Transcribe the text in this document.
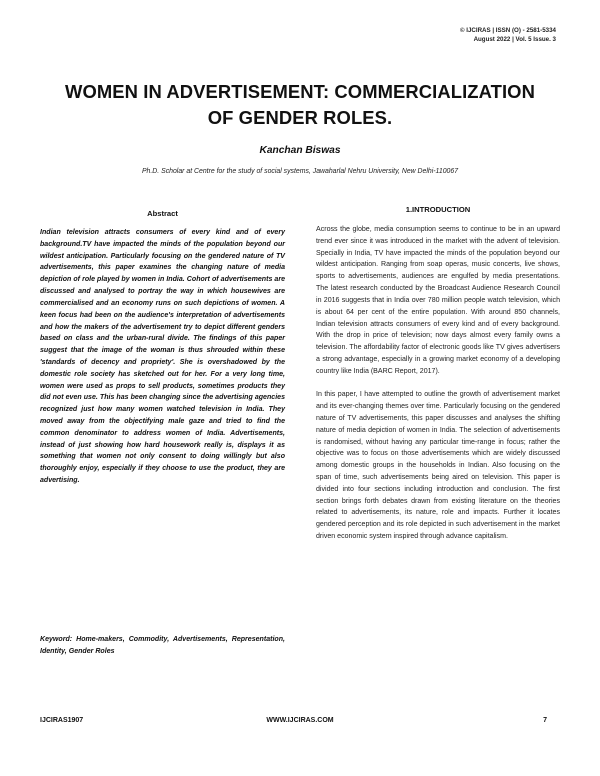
© IJCIRAS | ISSN (O) - 2581-5334
August 2022 | Vol. 5 Issue. 3
WOMEN IN ADVERTISEMENT: COMMERCIALIZATION
OF GENDER ROLES.
Kanchan Biswas
Ph.D. Scholar at Centre for the study of social systems, Jawaharlal Nehru University, New Delhi-110067
Abstract
Indian television attracts consumers of every kind and of every background.TV have impacted the minds of the population beyond our wildest anticipation. Particularly focusing on the gendered nature of TV advertisements, this paper examines the changing nature of media depiction of role played by women in India. Cohort of advertisements are discussed and analysed to portray the way in which housewives are commercialised and an economy runs on such depictions of women. A keen focus had been on the audience's interpretation of advertisements and how the makers of the advertisement try to depict different genders based on class and the urban-rural divide. The findings of this paper suggest that the image of the woman is thus shrouded within these 'standards of decency and propriety'. She is overshadowed by the domestic role society has sketched out for her. For a very long time, women were used as props to sell products, sometimes products they did not even use. This has been changing since the advertising agencies recognized just how many women watched television in India. They moved away from the objectifying male gaze and tried to find the common denominator to address women of India. Advertisements, instead of just showing how hard housework really is, displays it as something that women not only consent to doing willingly but also thoroughly enjoy, especially if they choose to use the product, they are advertising.
Keyword: Home-makers, Commodity, Advertisements, Representation, Identity, Gender Roles
1.INTRODUCTION

Across the globe, media consumption seems to continue to be in an upward trend ever since it was introduced in the market with the advent of television. Specially in India, TV have impacted the minds of the population beyond our wildest anticipation. Ranging from soap operas, music concerts, live shows, sports to advertisements, audiences are engulfed by media presentations. The latest research conducted by the Broadcast Audience Research Council in 2016 suggests that in India over 780 million people watch television, which is about 64 per cent of the entire population. With around 850 channels, Indian television attracts consumers of every kind and of every background. With the drop in price of television; now days almost every family owns a television. The affordability factor of electronic goods like TV gives advertisers a strong advantage, especially in a growing market economy of a developing country like India (BARC Report, 2017).

In this paper, I have attempted to outline the growth of advertisement market and its ever-changing themes over time. Particularly focusing on the gendered nature of TV advertisements, this paper discusses and analyses the shifting nature of media depiction of women in India. The selection of advertisements is randomised, without having any particular time-range in focus; rather the objective was to focus on those advertisements which are widely discussed among domestic groups in the households in Indian. Also focusing on the span of time, such advertisements being aired on television. This paper is divided into four sections including introduction and conclusion. The first section brings forth debates drawn from existing literature on the theories related to advertisements, its nature, role and impacts. Further it locates gendered perception and its role depicted in such advertisement in the market driven economic system inspired through advance capitalism.

IJCIRAS1907	WWW.IJCIRAS.COM	7
